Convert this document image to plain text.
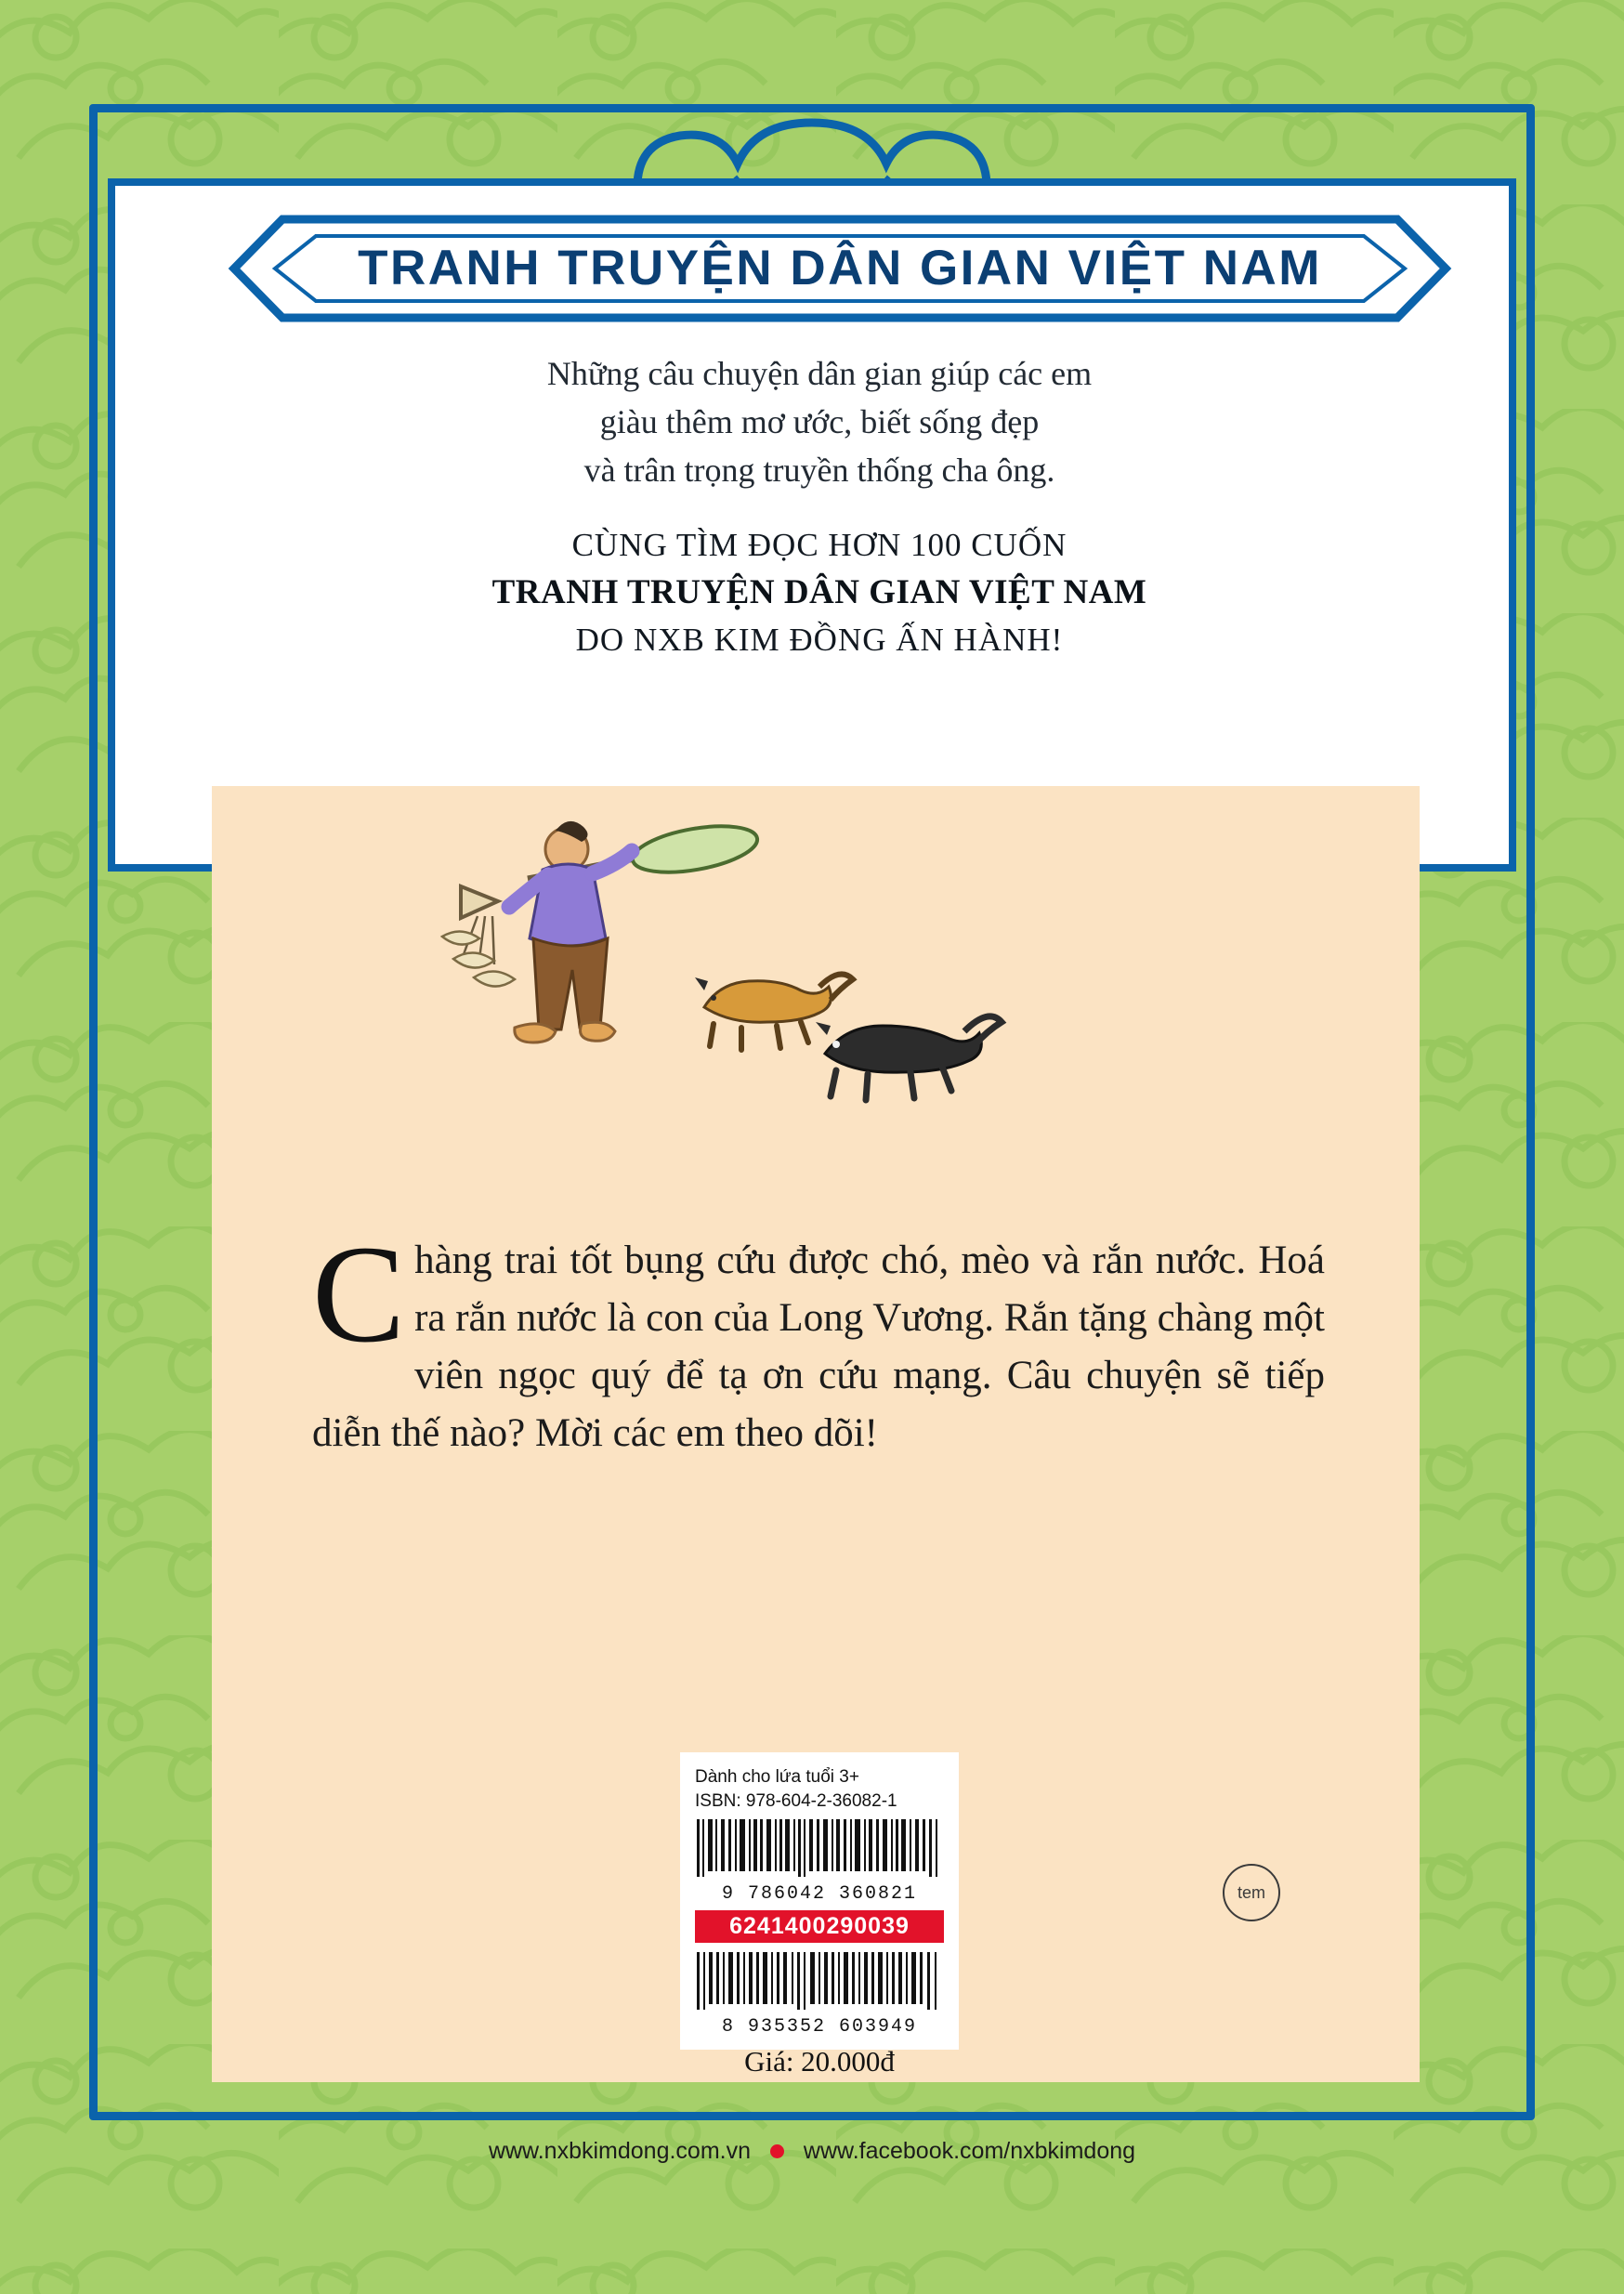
TRANH TRUYỆN DÂN GIAN VIỆT NAM
Những câu chuyện dân gian giúp các em
giàu thêm mơ ước, biết sống đẹp
và trân trọng truyền thống cha ông.
CÙNG TÌM ĐỌC HƠN 100 CUỐN
TRANH TRUYỆN DÂN GIAN VIỆT NAM
DO NXB KIM ĐỒNG ẤN HÀNH!
Chàng trai tốt bụng cứu được chó, mèo và rắn nước. Hoá ra rắn nước là con của Long Vương. Rắn tặng chàng một viên ngọc quý để tạ ơn cứu mạng. Câu chuyện sẽ tiếp diễn thế nào? Mời các em theo dõi!
Dành cho lứa tuổi 3+
ISBN: 978-604-2-36082-1
9 786042 360821
6241400290039
8 935352 603949
Giá: 20.000đ
tem
www.nxbkimdong.com.vn www.facebook.com/nxbkimdong
